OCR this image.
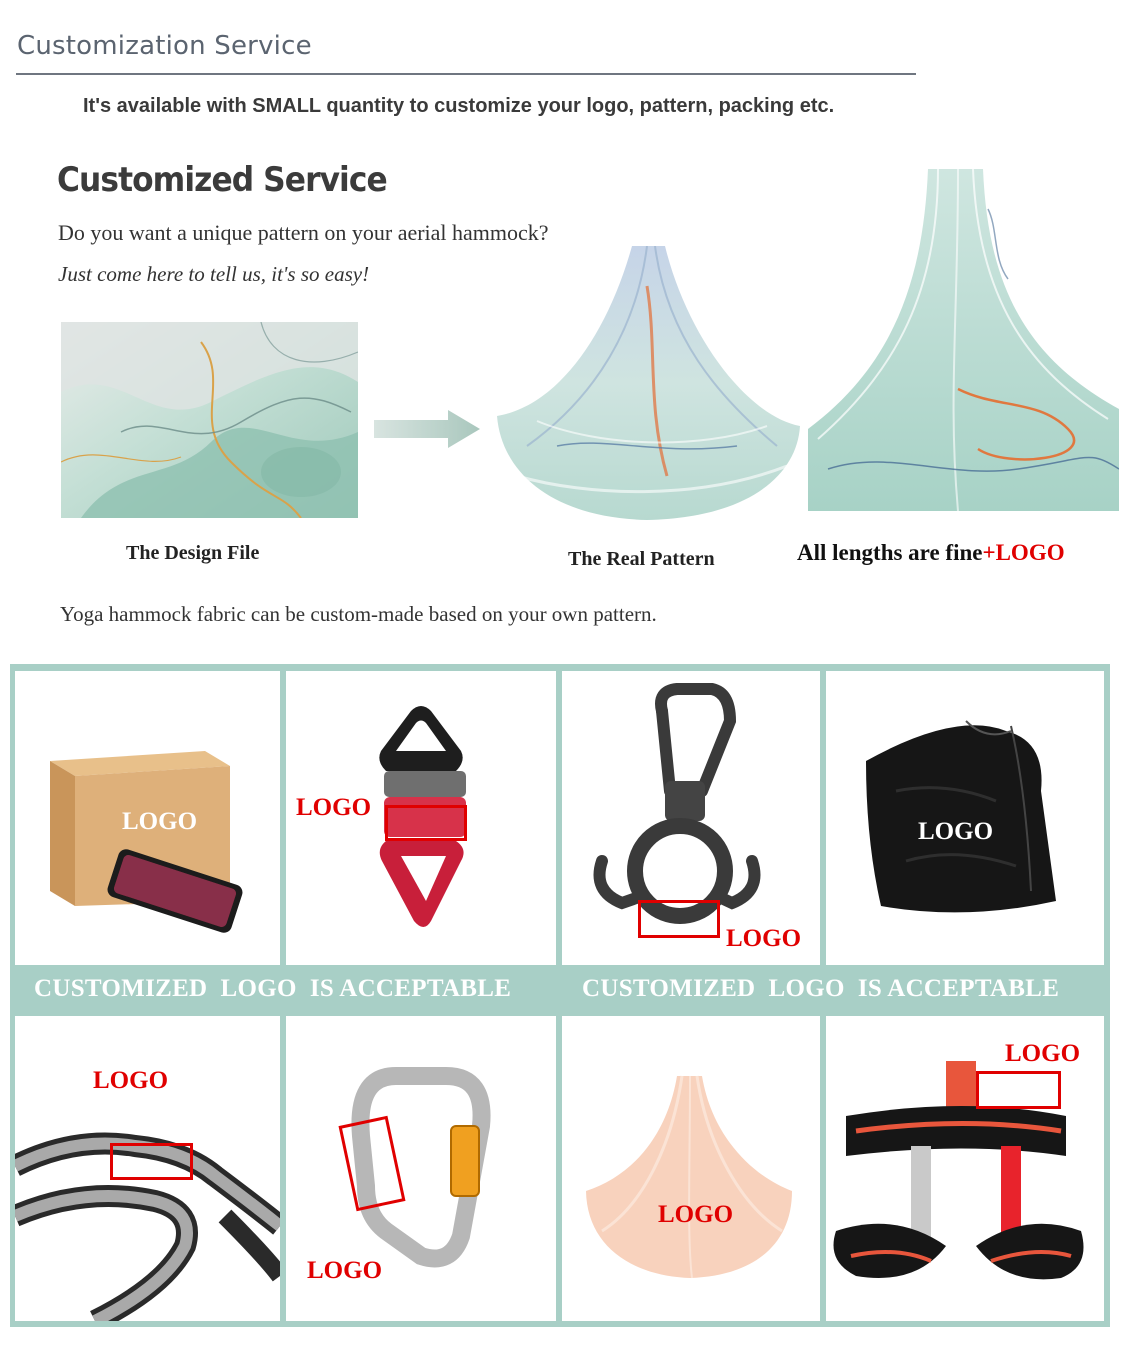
Customization Service
It's available with SMALL quantity to customize your logo, pattern, packing etc.
Customized Service
Do you want a unique pattern on your aerial hammock?
Just come here to tell us, it's so easy!
The Design File	The Real Pattern	All lengths are fine+LOGO
Yoga hammock fabric can be custom-made based on your own pattern.
LOGO
LOGO
LOGO
LOGO
CUSTOMIZED  LOGO  IS ACCEPTABLE	CUSTOMIZED  LOGO  IS ACCEPTABLE
LOGO
LOGO
LOGO
LOGO
